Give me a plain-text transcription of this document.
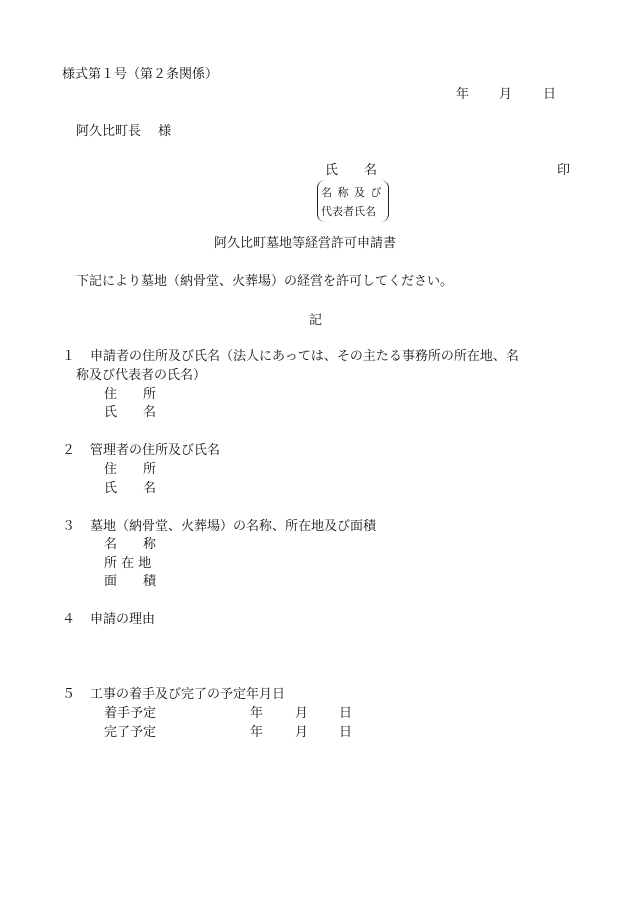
様式第１号（第２条関係）
年 月 日
阿久比町長　 様
氏　　名	印
名 称 及 び
代表者氏名
阿久比町墓地等経営許可申請書
下記により墓地（納骨堂、火葬場）の経営を許可してください。
記
１ 申請者の住所及び氏名（法人にあっては、その主たる事務所の所在地、名
称及び代表者の氏名）
住　　所
氏　　名
２ 管理者の住所及び氏名
住　　所
氏　　名
３ 墓地（納骨堂、火葬場）の名称、所在地及び面積
名　　称
所 在 地
面　　積
４ 申請の理由
５ 工事の着手及び完了の予定年月日
着手予定	年 月 日
完了予定	年 月 日
